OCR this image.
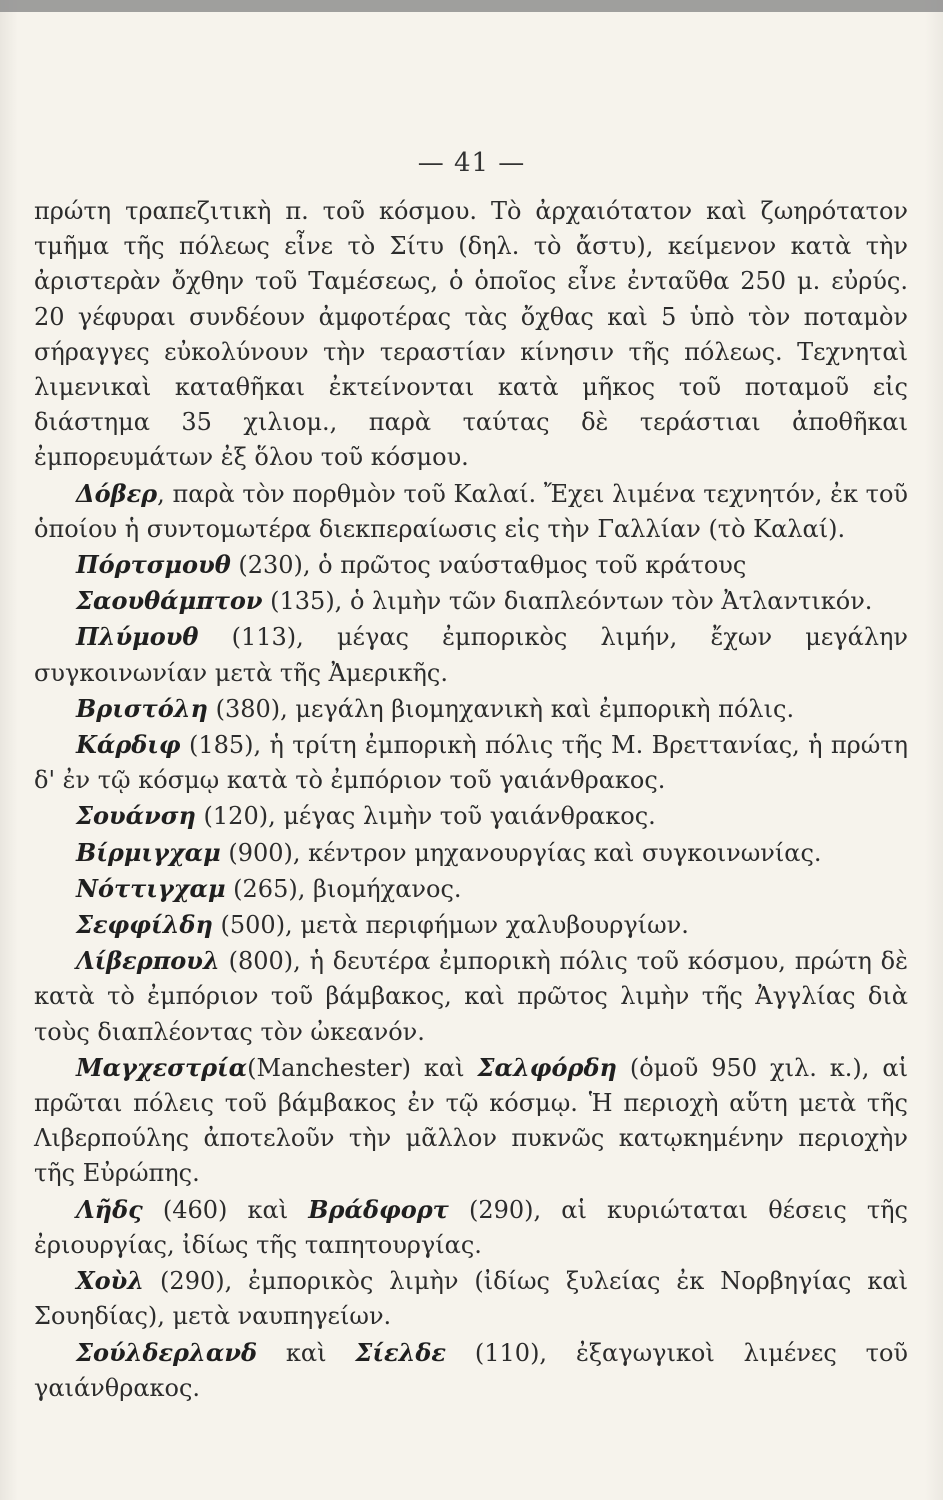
— 41 —

πρώτη τραπεζιτικὴ π. τοῦ κόσμου. Τὸ ἀρχαιότατον καὶ ζωηρότατον τμῆμα τῆς πόλεως εἶνε τὸ Σίτυ (δηλ. τὸ ἄστυ), κείμενον κατὰ τὴν ἀριστερὰν ὄχθην τοῦ Ταμέσεως, ὁ ὁποῖος εἶνε ἐνταῦθα 250 μ. εὐρύς. 20 γέφυραι συνδέουν ἀμφοτέρας τὰς ὄχθας καὶ 5 ὑπὸ τὸν ποταμὸν σήραγγες εὐκολύνουν τὴν τεραστίαν κίνησιν τῆς πόλεως. Τεχνηταὶ λιμενικαὶ καταθῆκαι ἐκτείνονται κατὰ μῆκος τοῦ ποταμοῦ εἰς διάστημα 35 χιλιομ., παρὰ ταύτας δὲ τεράστιαι ἀποθῆκαι ἐμπορευμάτων ἐξ ὅλου τοῦ κόσμου.

Δόβερ, παρὰ τὸν πορθμὸν τοῦ Καλαί. Ἔχει λιμένα τεχνητόν, ἐκ τοῦ ὁποίου ἡ συντομωτέρα διεκπεραίωσις εἰς τὴν Γαλλίαν (τὸ Καλαί).

Πόρτσμουθ (230), ὁ πρῶτος ναύσταθμος τοῦ κράτους

Σαουθάμπτον (135), ὁ λιμὴν τῶν διαπλεόντων τὸν Ἀτλαντικόν.

Πλύμουθ (113), μέγας ἐμπορικὸς λιμήν, ἔχων μεγάλην συγκοινωνίαν μετὰ τῆς Ἀμερικῆς.

Βριστόλη (380), μεγάλη βιομηχανικὴ καὶ ἐμπορικὴ πόλις.

Κάρδιφ (185), ἡ τρίτη ἐμπορικὴ πόλις τῆς Μ. Βρεττανίας, ἡ πρώτη δ' ἐν τῷ κόσμῳ κατὰ τὸ ἐμπόριον τοῦ γαιάνθρακος.

Σουάνση (120), μέγας λιμὴν τοῦ γαιάνθρακος.

Βίρμιγχαμ (900), κέντρον μηχανουργίας καὶ συγκοινωνίας.

Νόττιγχαμ (265), βιομήχανος.

Σεφφίλδη (500), μετὰ περιφήμων χαλυβουργίων.

Λίβερπουλ (800), ἡ δευτέρα ἐμπορικὴ πόλις τοῦ κόσμου, πρώτη δὲ κατὰ τὸ ἐμπόριον τοῦ βάμβακος, καὶ πρῶτος λιμὴν τῆς Ἀγγλίας διὰ τοὺς διαπλέοντας τὸν ὠκεανόν.

Μαγχεστρία(Manchester) καὶ Σαλφόρδη (ὁμοῦ 950 χιλ. κ.), αἱ πρῶται πόλεις τοῦ βάμβακος ἐν τῷ κόσμῳ. Ἡ περιοχὴ αὕτη μετὰ τῆς Λιβερπούλης ἀποτελοῦν τὴν μᾶλλον πυκνῶς κατῳκημένην περιοχὴν τῆς Εὐρώπης.

Λῆδς (460) καὶ Βράδφορτ (290), αἱ κυριώταται θέσεις τῆς ἐριουργίας, ἰδίως τῆς ταπητουργίας.

Χοὺλ (290), ἐμπορικὸς λιμὴν (ἰδίως ξυλείας ἐκ Νορβηγίας καὶ Σουηδίας), μετὰ ναυπηγείων.

Σούλδερλανδ καὶ Σίελδε (110), ἐξαγωγικοὶ λιμένες τοῦ γαιάνθρακος.
